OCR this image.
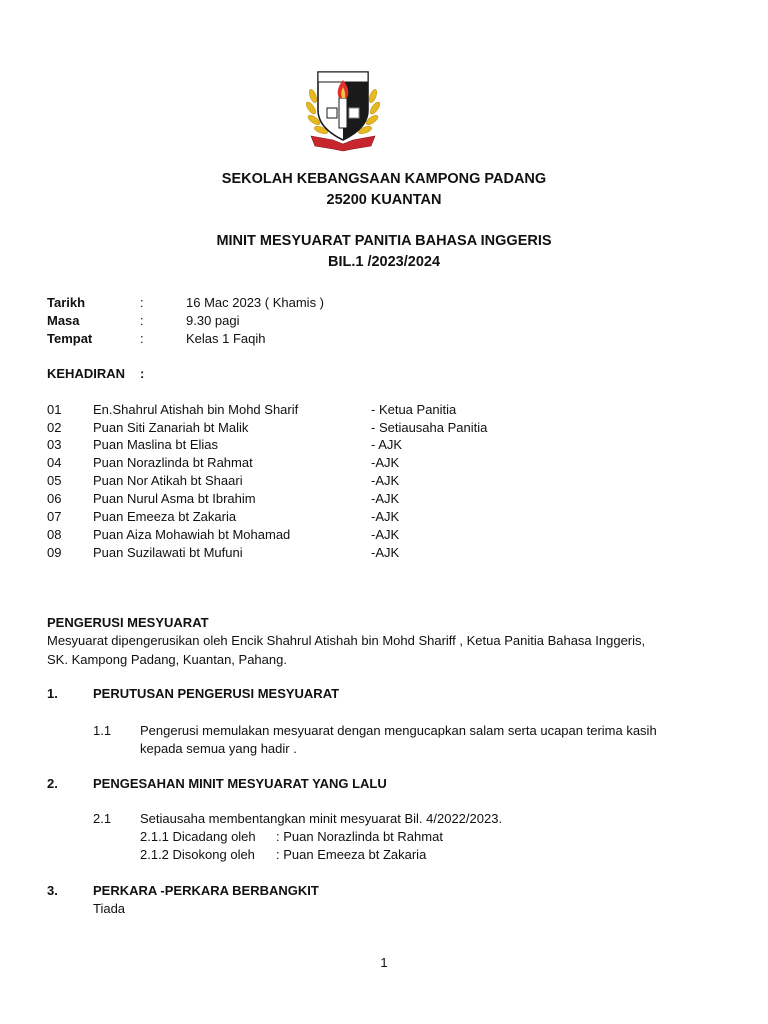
SEKOLAH KEBANGSAAN KAMPONG PADANG
25200 KUANTAN
MINIT MESYUARAT PANITIA BAHASA INGGERIS
BIL.1 /2023/2024
Tarikh	:	16 Mac 2023 ( Khamis )
Masa	:	9.30 pagi
Tempat	:	Kelas 1 Faqih
KEHADIRAN :
01 En.Shahrul Atishah bin Mohd Sharif	- Ketua Panitia
02 Puan Siti Zanariah bt Malik	- Setiausaha Panitia
03 Puan Maslina bt Elias	- AJK
04 Puan Norazlinda bt Rahmat	-AJK
05 Puan Nor Atikah bt Shaari	-AJK
06 Puan Nurul Asma bt Ibrahim	-AJK
07 Puan Emeeza bt Zakaria	-AJK
08 Puan Aiza Mohawiah bt Mohamad	-AJK
09 Puan Suzilawati bt Mufuni	-AJK
PENGERUSI MESYUARAT
Mesyuarat dipengerusikan oleh Encik Shahrul Atishah bin Mohd Shariff , Ketua Panitia Bahasa Inggeris,
SK. Kampong Padang, Kuantan, Pahang.
1.	PERUTUSAN PENGERUSI MESYUARAT
1.1 Pengerusi memulakan mesyuarat dengan mengucapkan salam serta ucapan terima kasih
kepada semua yang hadir .
2.	PENGESAHAN MINIT MESYUARAT YANG LALU
2.1 Setiausaha membentangkan minit mesyuarat Bil. 4/2022/2023.
2.1.1 Dicadang oleh : Puan Norazlinda bt Rahmat
2.1.2 Disokong oleh : Puan Emeeza bt Zakaria
3.	PERKARA -PERKARA BERBANGKIT
Tiada
1
